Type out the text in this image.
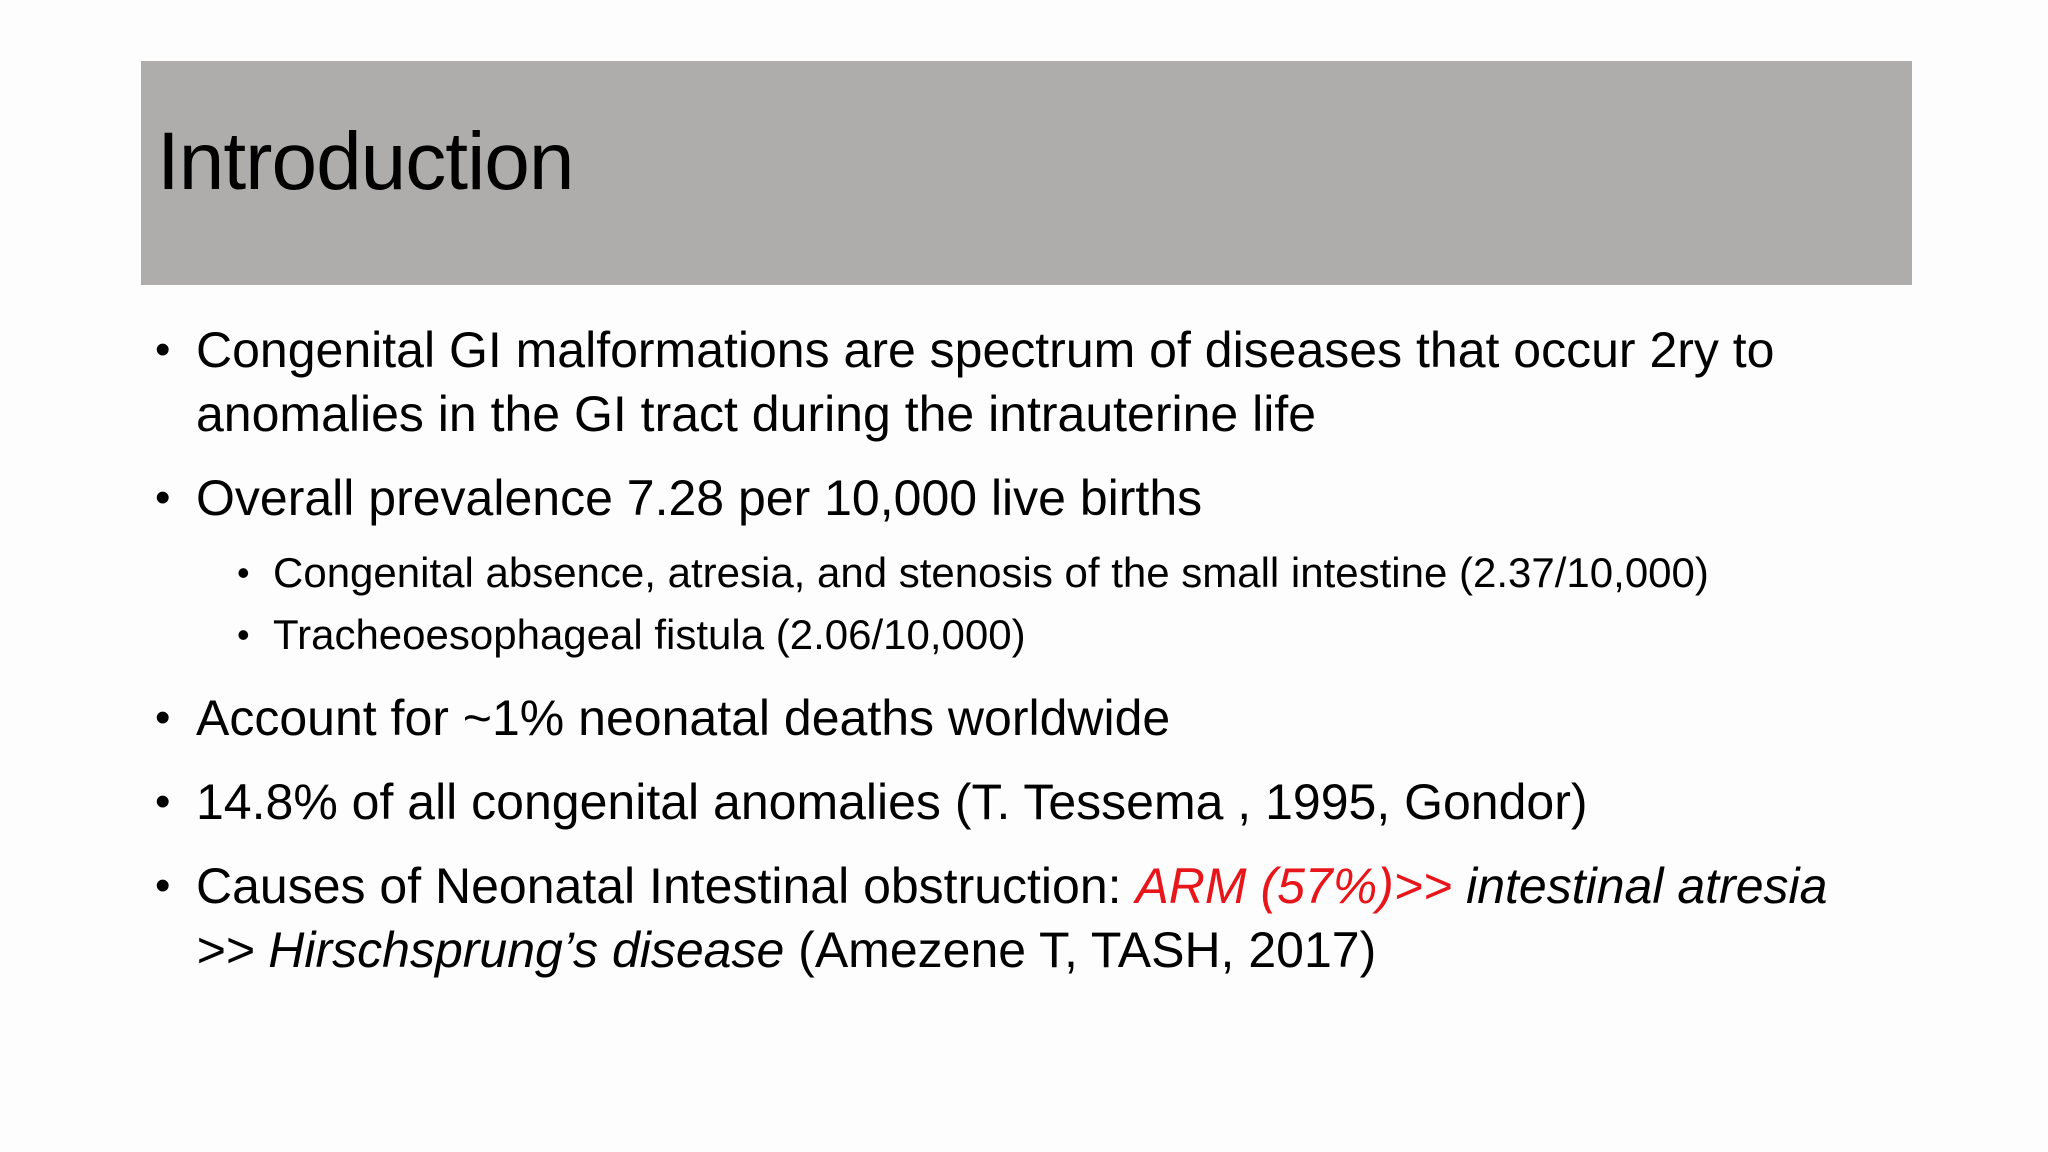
Introduction
• Congenital GI malformations are spectrum of diseases that occur 2ry to anomalies in the GI tract during the intrauterine life
• Overall prevalence 7.28 per 10,000 live births
• Congenital absence, atresia, and stenosis of the small intestine (2.37/10,000)
• Tracheoesophageal fistula (2.06/10,000)
• Account for ~1% neonatal deaths worldwide
• 14.8% of all congenital anomalies (T. Tessema , 1995, Gondor)
• Causes of Neonatal Intestinal obstruction: ARM (57%)>> intestinal atresia >> Hirschsprung’s disease (Amezene T, TASH, 2017)
